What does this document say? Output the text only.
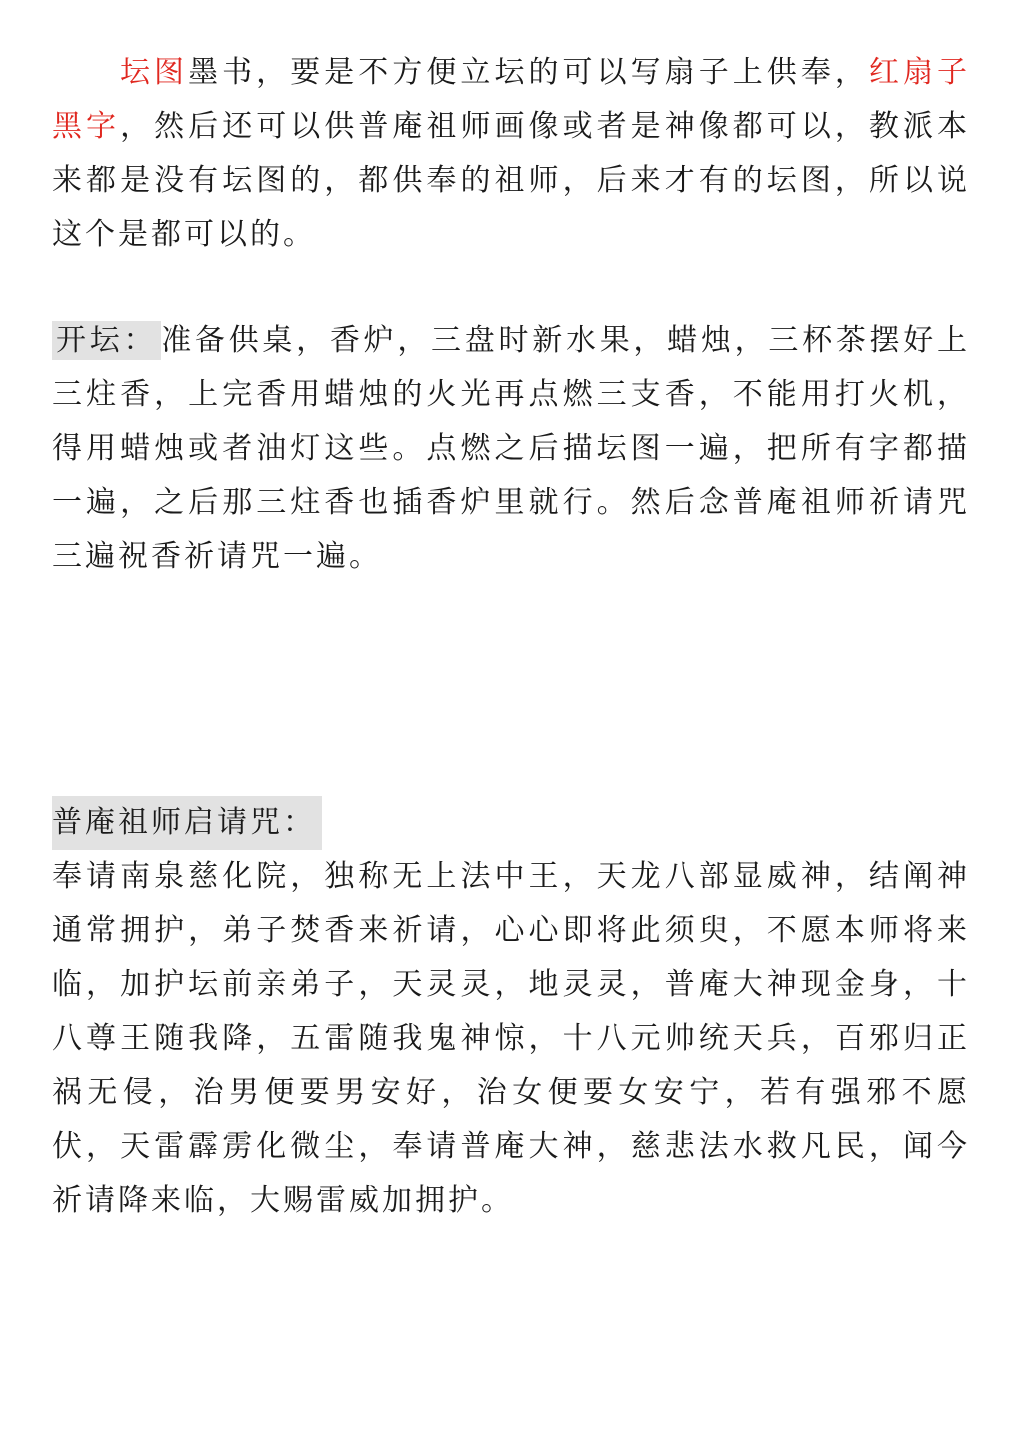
坛图墨书，要是不方便立坛的可以写扇子上供奉，红扇子黑字，然后还可以供普庵祖师画像或者是神像都可以，教派本来都是没有坛图的，都供奉的祖师，后来才有的坛图，所以说这个是都可以的。

开坛： 准备供桌，香炉，三盘时新水果，蜡烛，三杯茶摆好上三炷香，上完香用蜡烛的火光再点燃三支香，不能用打火机，得用蜡烛或者油灯这些。点燃之后描坛图一遍，把所有字都描一遍，之后那三炷香也插香炉里就行。然后念普庵祖师祈请咒三遍祝香祈请咒一遍。

普庵祖师启请咒：
奉请南泉慈化院，独称无上法中王，天龙八部显威神，结阐神通常拥护，弟子焚香来祈请，心心即将此须臾，不愿本师将来临，加护坛前亲弟子，天灵灵，地灵灵，普庵大神现金身，十八尊王随我降，五雷随我鬼神惊，十八元帅统天兵，百邪归正祸无侵，治男便要男安好，治女便要女安宁，若有强邪不愿伏，天雷霹雳化微尘，奉请普庵大神，慈悲法水救凡民，闻今祈请降来临，大赐雷威加拥护。
